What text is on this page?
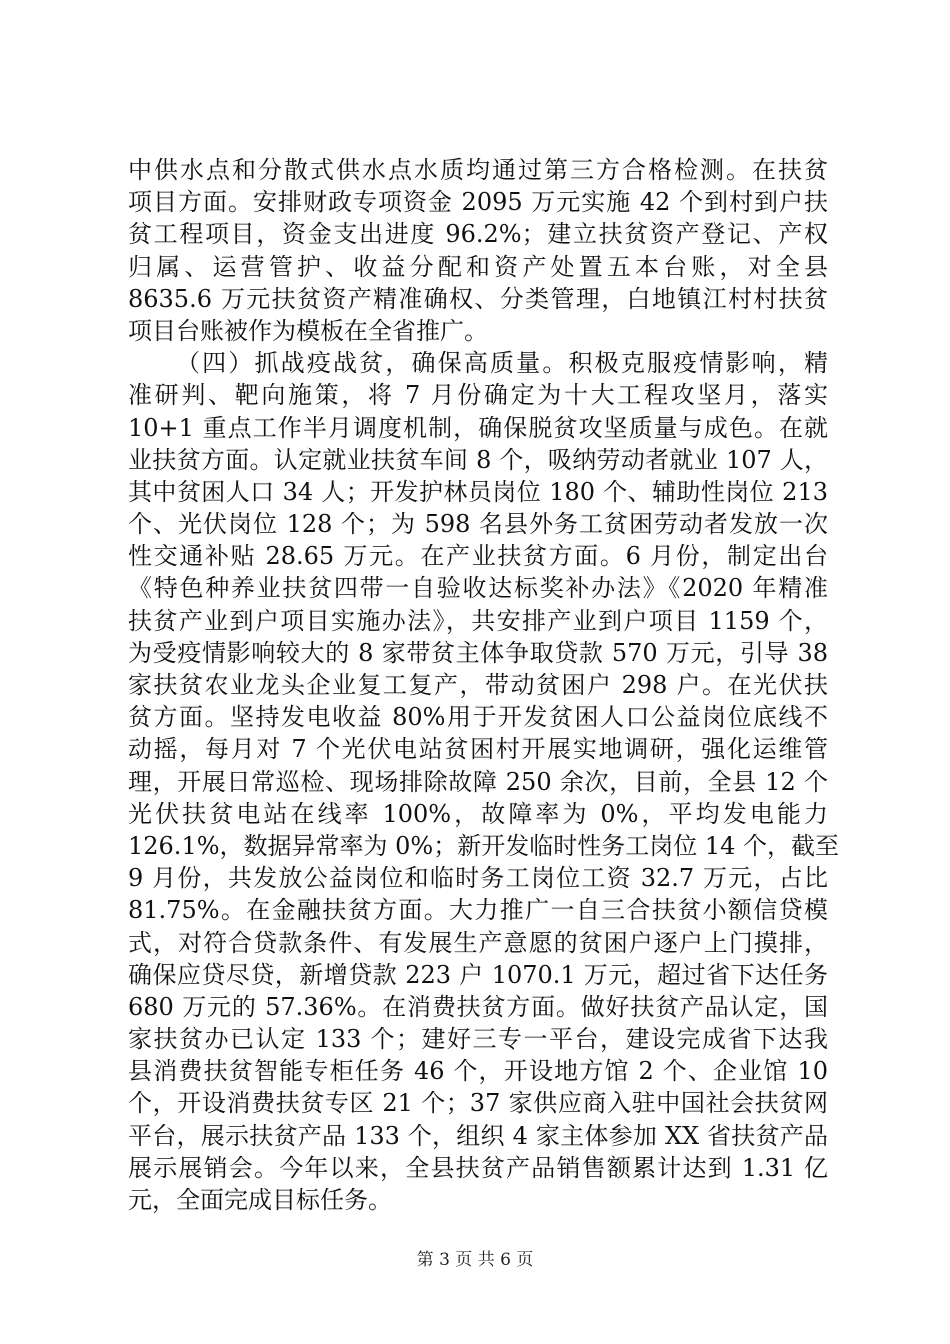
中供水点和分散式供水点水质均通过第三方合格检测。在扶贫
项目方面。安排财政专项资金 2095 万元实施 42 个到村到户扶
贫工程项目，资金支出进度 96.2%；建立扶贫资产登记、产权
归属、运营管护、收益分配和资产处置五本台账，对全县
8635.6 万元扶贫资产精准确权、分类管理，白地镇江村村扶贫
项目台账被作为模板在全省推广。
（四）抓战疫战贫，确保高质量。积极克服疫情影响，精
准研判、靶向施策，将 7 月份确定为十大工程攻坚月，落实
10+1 重点工作半月调度机制，确保脱贫攻坚质量与成色。在就
业扶贫方面。认定就业扶贫车间 8 个，吸纳劳动者就业 107 人，
其中贫困人口 34 人；开发护林员岗位 180 个、辅助性岗位 213
个、光伏岗位 128 个；为 598 名县外务工贫困劳动者发放一次
性交通补贴 28.65 万元。在产业扶贫方面。6 月份，制定出台
《特色种养业扶贫四带一自验收达标奖补办法》《2020 年精准
扶贫产业到户项目实施办法》，共安排产业到户项目 1159 个，
为受疫情影响较大的 8 家带贫主体争取贷款 570 万元，引导 38
家扶贫农业龙头企业复工复产，带动贫困户 298 户。在光伏扶
贫方面。坚持发电收益 80%用于开发贫困人口公益岗位底线不
动摇，每月对 7 个光伏电站贫困村开展实地调研，强化运维管
理，开展日常巡检、现场排除故障 250 余次，目前，全县 12 个
光伏扶贫电站在线率 100%，故障率为 0%，平均发电能力
126.1%，数据异常率为 0%；新开发临时性务工岗位 14 个，截至
9 月份，共发放公益岗位和临时务工岗位工资 32.7 万元，占比
81.75%。在金融扶贫方面。大力推广一自三合扶贫小额信贷模
式，对符合贷款条件、有发展生产意愿的贫困户逐户上门摸排，
确保应贷尽贷，新增贷款 223 户 1070.1 万元，超过省下达任务
680 万元的 57.36%。在消费扶贫方面。做好扶贫产品认定，国
家扶贫办已认定 133 个；建好三专一平台，建设完成省下达我
县消费扶贫智能专柜任务 46 个，开设地方馆 2 个、企业馆 10
个，开设消费扶贫专区 21 个；37 家供应商入驻中国社会扶贫网
平台，展示扶贫产品 133 个，组织 4 家主体参加 XX 省扶贫产品
展示展销会。今年以来，全县扶贫产品销售额累计达到 1.31 亿
元，全面完成目标任务。
第 3 页 共 6 页
